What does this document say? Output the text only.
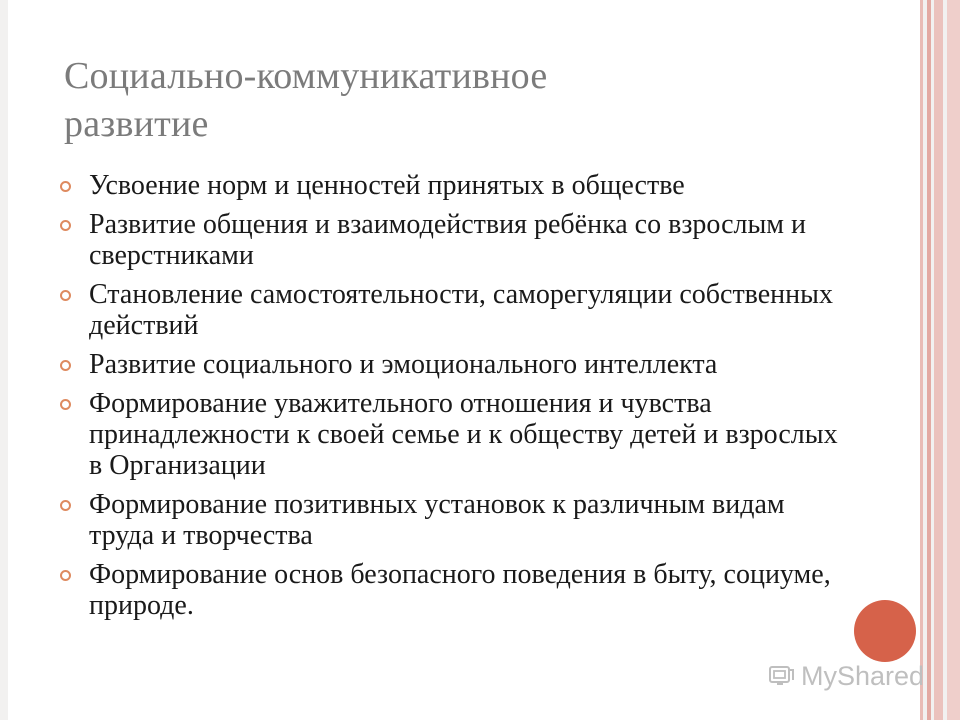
Социально-коммуникативное
развитие
Усвоение норм и ценностей принятых в обществе
Развитие общения и взаимодействия ребёнка со взрослым и сверстниками
Становление самостоятельности, саморегуляции собственных действий
Развитие социального и эмоционального интеллекта
Формирование уважительного отношения и чувства принадлежности к своей семье и к обществу детей и взрослых в Организации
Формирование позитивных установок к различным видам труда и творчества
Формирование основ безопасного поведения в быту, социуме, природе.
MyShared
